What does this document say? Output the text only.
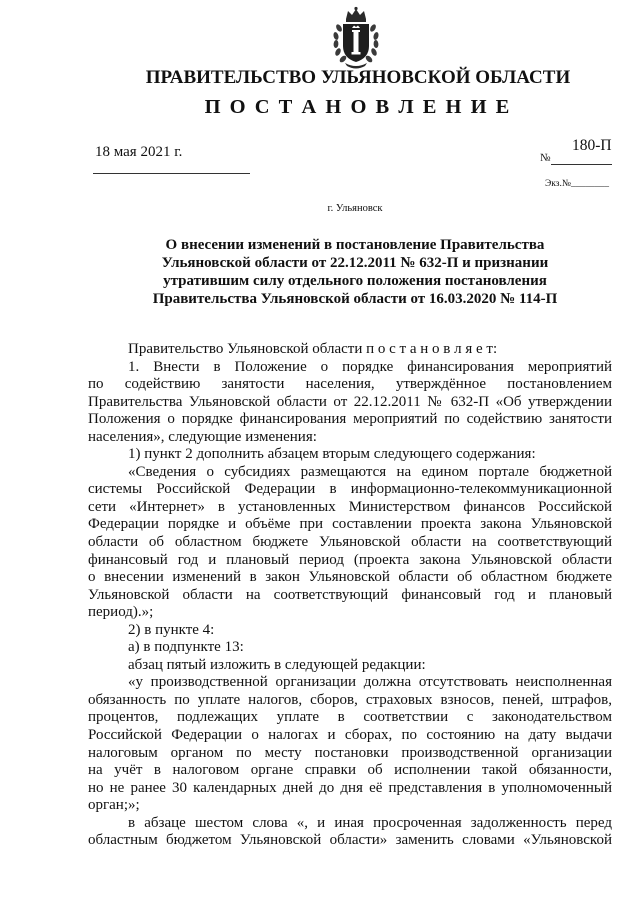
ПРАВИТЕЛЬСТВО УЛЬЯНОВСКОЙ ОБЛАСТИ
П О С Т А Н О В Л Е Н И Е
18 мая 2021 г.	180-П
№
Экз.№________
г. Ульяновск
О внесении изменений в постановление Правительства
Ульяновской области от 22.12.2011 № 632-П и признании
утратившим силу отдельного положения постановления
Правительства Ульяновской области от 16.03.2020 № 114-П
Правительство Ульяновской области п о с т а н о в л я е т:
1. Внести в Положение о порядке финансирования мероприятий
по содействию занятости населения, утверждённое постановлением
Правительства Ульяновской области от 22.12.2011 № 632-П «Об утверждении
Положения о порядке финансирования мероприятий по содействию занятости
населения», следующие изменения:
1) пункт 2 дополнить абзацем вторым следующего содержания:
«Сведения о субсидиях размещаются на едином портале бюджетной
системы Российской Федерации в информационно-телекоммуникационной
сети «Интернет» в установленных Министерством финансов Российской
Федерации порядке и объёме при составлении проекта закона Ульяновской
области об областном бюджете Ульяновской области на соответствующий
финансовый год и плановый период (проекта закона Ульяновской области
о внесении изменений в закон Ульяновской области об областном бюджете
Ульяновской области на соответствующий финансовый год и плановый
период).»;
2) в пункте 4:
а) в подпункте 13:
абзац пятый изложить в следующей редакции:
«у производственной организации должна отсутствовать неисполненная
обязанность по уплате налогов, сборов, страховых взносов, пеней, штрафов,
процентов, подлежащих уплате в соответствии с законодательством
Российской Федерации о налогах и сборах, по состоянию на дату выдачи
налоговым органом по месту постановки производственной организации
на учёт в налоговом органе справки об исполнении такой обязанности,
но не ранее 30 календарных дней до дня её представления в уполномоченный
орган;»;
в абзаце шестом слова «, и иная просроченная задолженность перед
областным бюджетом Ульяновской области» заменить словами «Ульяновской
